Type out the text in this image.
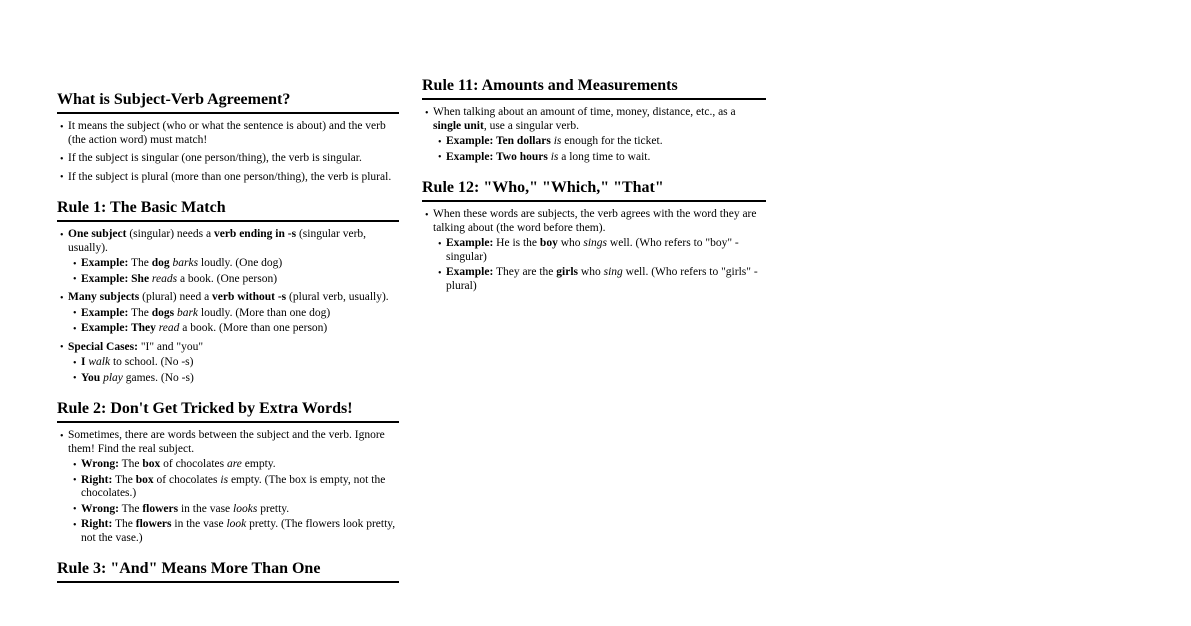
What is Subject-Verb Agreement?
• It means the subject (who or what the sentence is about) and the verb (the action word) must match!
• If the subject is singular (one person/thing), the verb is singular.
• If the subject is plural (more than one person/thing), the verb is plural.
Rule 1: The Basic Match
• One subject (singular) needs a verb ending in -s (singular verb, usually).
• Example: The dog barks loudly. (One dog)
• Example: She reads a book. (One person)
• Many subjects (plural) need a verb without -s (plural verb, usually).
• Example: The dogs bark loudly. (More than one dog)
• Example: They read a book. (More than one person)
• Special Cases: "I" and "you"
• I walk to school. (No -s)
• You play games. (No -s)
Rule 2: Don't Get Tricked by Extra Words!
• Sometimes, there are words between the subject and the verb. Ignore them! Find the real subject.
• Wrong: The box of chocolates are empty.
• Right: The box of chocolates is empty. (The box is empty, not the chocolates.)
• Wrong: The flowers in the vase looks pretty.
• Right: The flowers in the vase look pretty. (The flowers look pretty, not the vase.)
Rule 3: "And" Means More Than One
Rule 11: Amounts and Measurements
• When talking about an amount of time, money, distance, etc., as a single unit, use a singular verb.
• Example: Ten dollars is enough for the ticket.
• Example: Two hours is a long time to wait.
Rule 12: "Who," "Which," "That"
• When these words are subjects, the verb agrees with the word they are talking about (the word before them).
• Example: He is the boy who sings well. (Who refers to "boy" - singular)
• Example: They are the girls who sing well. (Who refers to "girls" - plural)
